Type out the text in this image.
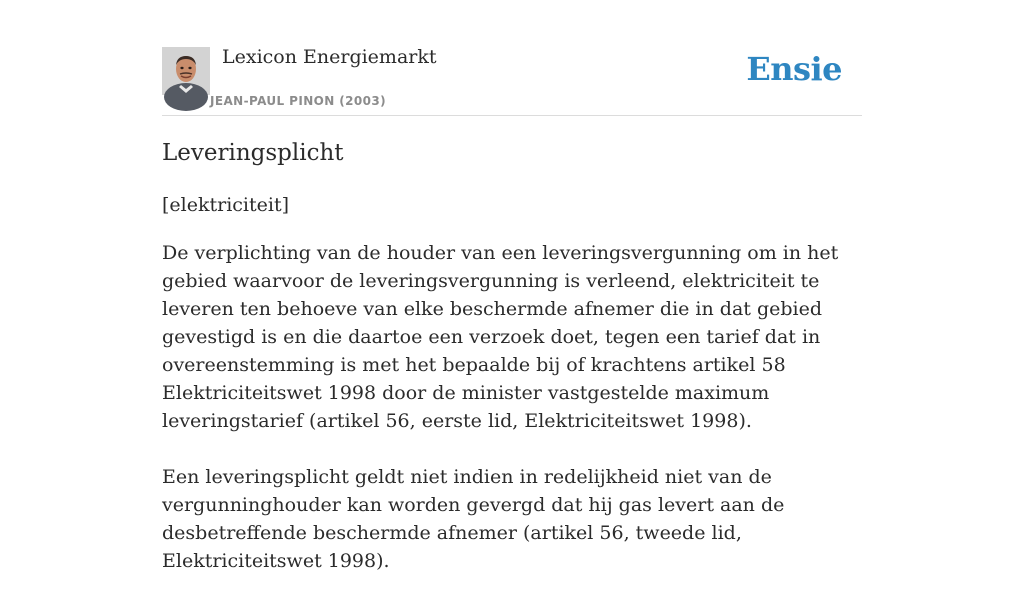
Lexicon Energiemarkt
JEAN-PAUL PINON (2003)
Ensie
Leveringsplicht
[elektriciteit]

De verplichting van de houder van een leveringsvergunning om in het gebied waarvoor de leveringsvergunning is verleend, elektriciteit te leveren ten behoeve van elke beschermde afnemer die in dat gebied gevestigd is en die daartoe een verzoek doet, tegen een tarief dat in overeenstemming is met het bepaalde bij of krachtens artikel 58 Elektriciteitswet 1998 door de minister vastgestelde maximum leveringstarief (artikel 56, eerste lid, Elektriciteitswet 1998).

Een leveringsplicht geldt niet indien in redelijkheid niet van de vergunninghouder kan worden gevergd dat hij gas levert aan de desbetreffende beschermde afnemer (artikel 56, tweede lid, Elektriciteitswet 1998).
